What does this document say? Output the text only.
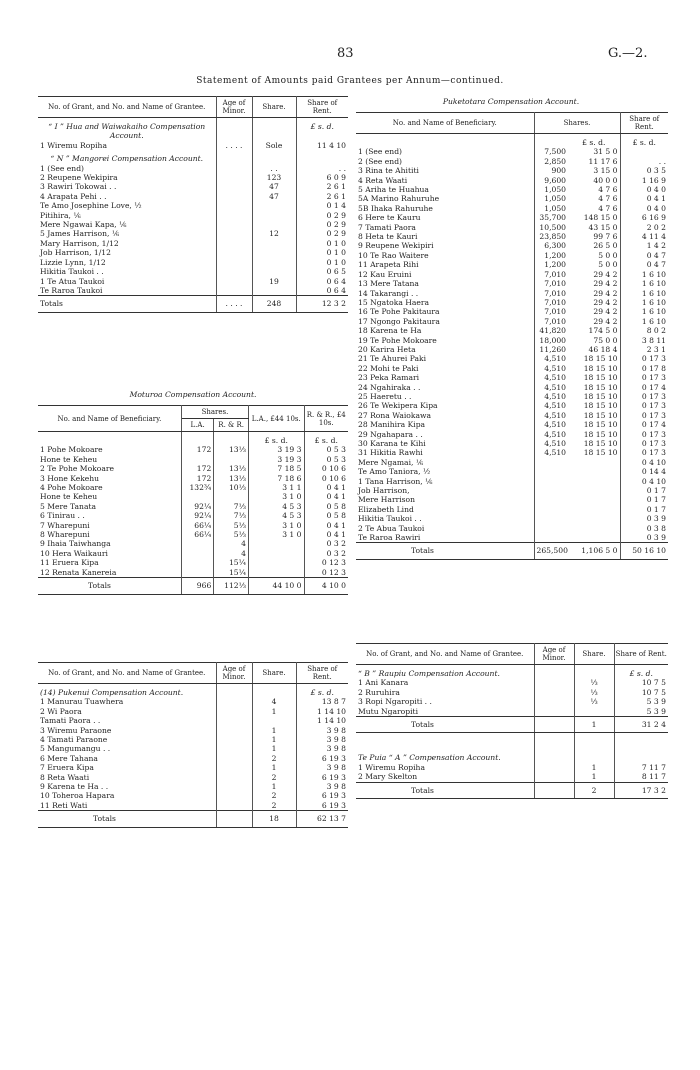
83	G.—2.
Statement of Amounts paid Grantees per Annum—continued.
No. of Grant, and No. and Name of Grantee.	Age of Minor.	Share.	Share of Rent.
“ I ” Hua and Waiwakaiho Compensation Account.			£ s. d.
1 Wiremu Ropiha	. . . .	Sole	11 4 10
“ N ” Mangorei Compensation Account.			
1 (See end)		. .	. .
2 Reupene Wekipira		123	6 0 9
3 Rawiri Tokowai . .		47	2 6 1
4 Arapata Pehi . .		47	2 6 1
Te Amo Josephine Love, ½			0 1 4
Pitihira, ⅙			0 2 9
Mere Ngawai Kapa, ⅙			0 2 9
5 James Harrison, ⅙		12	0 2 9
Mary Harrison, 1/12			0 1 0
Job Harrison, 1/12			0 1 0
Lizzie Lynn, 1/12			0 1 0
Hikitia Taukoi . .			0 6 5
1 Te Atua Taukoi		19	0 6 4
Te Raroa Taukoi			0 6 4
Totals	. . . .	248	12 3 2
Moturoa Compensation Account.
No. and Name of Beneficiary.	Shares.		L.A., £44 10s.	R. & R., £4 10s.
	L.A.	R. & R.		
			£ s. d.	£ s. d.
1 Pohe Mokoare	172	13⅓	3 19 3	0 5 3
Hone te Keheu			3 19 3	0 5 3
2 Te Pohe Mokoare	172	13⅓	7 18 5	0 10 6
3 Hone Kekehu	172	13⅓	7 18 6	0 10 6
4 Pohe Mokoare	132¾	10⅓	3 1 1	0 4 1
Hone te Keheu			3 1 0	0 4 1
5 Mere Tanata	92¼	7⅓	4 5 3	0 5 8
6 Tinirau . .	92¼	7⅓	4 5 3	0 5 8
7 Wharepuni	66¼	5⅓	3 1 0	0 4 1
8 Wharepuni	66¼	5⅓	3 1 0	0 4 1
9 Ihaia Taiwhanga		4		0 3 2
10 Hera Waikauri		4		0 3 2
11 Eruera Kipa		15¼		0 12 3
12 Renata Kanereia		15¼		0 12 3
Totals	966	112⅓	44 10 0	4 10 0
No. of Grant, and No. and Name of Grantee.	Age of Minor.	Share.	Share of Rent.
(14) Pukenui Compensation Account.			£ s. d.
1 Manurau Tuawhera		4	13 8 7
2 Wi Paora		1	1 14 10
Tamati Paora . .			1 14 10
3 Wiremu Paraone		1	3 9 8
4 Tamati Paraone		1	3 9 8
5 Mangumangu . .		1	3 9 8
6 Mere Tahana		2	6 19 3
7 Eruera Kipa		1	3 9 8
8 Reta Waati		2	6 19 3
9 Karena te Ha . .		1	3 9 8
10 Toheroa Hapara		2	6 19 3
11 Reti Wati		2	6 19 3
Totals		18	62 13 7
Puketotara Compensation Account.
No. and Name of Beneficiary.	Shares.		Share of Rent.
		£ s. d.	£ s. d.
1 (See end)	7,500	31 5 0	
2 (See end)	2,850	11 17 6	. .
3 Rina te Ahititi	900	3 15 0	0 3 5
4 Reta Waati	9,600	40 0 0	1 16 9
5 Ariha te Huahua	1,050	4 7 6	0 4 0
5A Marino Rahuruhe	1,050	4 7 6	0 4 1
5B Ihaka Rahuruhe	1,050	4 7 6	0 4 0
6 Here te Kauru	35,700	148 15 0	6 16 9
7 Tamati Paora	10,500	43 15 0	2 0 2
8 Heta te Kauri	23,850	99 7 6	4 11 4
9 Reupene Wekipiri	6,300	26 5 0	1 4 2
10 Te Rao Waitere	1,200	5 0 0	0 4 7
11 Arapeta Rihi	1,200	5 0 0	0 4 7
12 Kau Eruini	7,010	29 4 2	1 6 10
13 Mere Tatana	7,010	29 4 2	1 6 10
14 Takarangi . .	7,010	29 4 2	1 6 10
15 Ngatoka Haera	7,010	29 4 2	1 6 10
16 Te Pohe Pakitaura	7,010	29 4 2	1 6 10
17 Ngongo Pakitaura	7,010	29 4 2	1 6 10
18 Karena te Ha	41,820	174 5 0	8 0 2
19 Te Pohe Mokoare	18,000	75 0 0	3 8 11
20 Karira Heta	11,260	46 18 4	2 3 1
21 Te Ahurei Paki	4,510	18 15 10	0 17 3
22 Mohi te Paki	4,510	18 15 10	0 17 8
23 Peka Ramari	4,510	18 15 10	0 17 3
24 Ngahiraka . .	4,510	18 15 10	0 17 4
25 Haeretu . .	4,510	18 15 10	0 17 3
26 Te Wekipera Kipa	4,510	18 15 10	0 17 3
27 Rona Waiokawa	4,510	18 15 10	0 17 3
28 Manihira Kipa	4,510	18 15 10	0 17 4
29 Ngahapara . .	4,510	18 15 10	0 17 3
30 Karana te Kihi	4,510	18 15 10	0 17 3
31 Hikitia Rawhi	4,510	18 15 10	0 17 3
Mere Ngamai, ⅙			0 4 10
Te Amo Taniora, ½			0 14 4
1 Tana Harrison, ⅙			0 4 10
Job Harrison,			0 1 7
Mere Harrison			0 1 7
Elizabeth Lind			0 1 7
Hikitia Taukoi . .			0 3 9
2 Te Abua Taukoi			0 3 8
Te Raroa Rawiri			0 3 9
Totals	265,500	1,106 5 0	50 16 10
No. of Grant, and No. and Name of Grantee.	Age of Minor.	Share.	Share of Rent.
“ B ” Raupiu Compensation Account.			£ s. d.
1 Ani Kanara		⅓	10 7 5
2 Ruruhira		⅓	10 7 5
3 Ropi Ngaropiti . .		⅓	5 3 9
Mutu Ngaropiti			5 3 9
Totals		1	31 2 4
Te Puia “ A ” Compensation Account.			
1 Wiremu Ropiha		1	7 11 7
2 Mary Skelton		1	8 11 7
Totals		2	17 3 2
